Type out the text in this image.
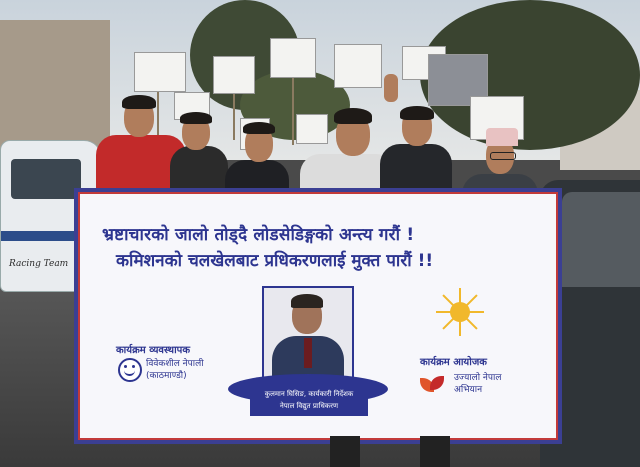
Racing Team
भ्रष्टाचारको जालो तोड्दै लोडसेडिङ्गको अन्त्य गरौं !
कमिशनको चलखेलबाट प्रधिकरणलाई मुक्त पारौं !!
कुलमान घिसिङ, कार्यकारी निर्देशक
नेपाल विद्युत प्राधिकरण
कार्यक्रम व्यवस्थापक
विवेकशील नेपाली
(काठमाण्डौ)
कार्यक्रम आयोजक
उज्यालो नेपाल
अभियान
